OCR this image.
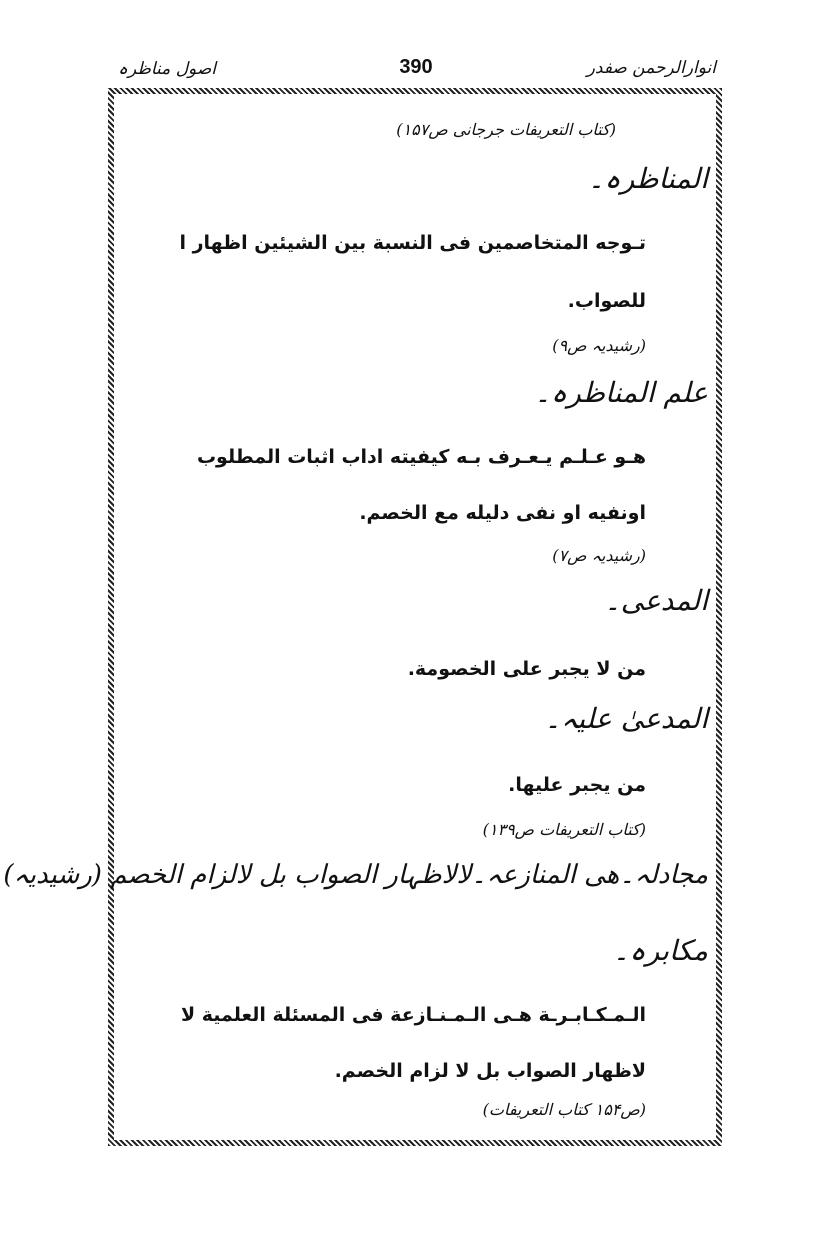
اصول مناظرہ	390	انوارالرحمن صفدر
(کتاب التعریفات جرجانی ص۱۵۷)
المناظرہ۔
تـوجه المتخاصمين فى النسبة بين الشيئين اظهار ا
للصواب.
(رشیدیہ ص۹)
علم المناظرہ۔
هـو عـلـم يـعـرف بـه كيفيته اداب اثبات المطلوب
اونفيه او نفى دليله مع الخصم.
(رشیدیہ ص۷)
المدعی۔
من لا يجبر على الخصومة.
المدعیٰ علیہ۔
من يجبر عليها.
(کتاب التعریفات ص۱۳۹)
مجادلہ۔ھی المنازعہ۔لالاظہار الصواب بل لالزام الخصم (رشیدیہ)
مکابرہ۔
الـمـكـابـرـة هـى الـمـنـازعة فى المسئلة العلمية لا
لاظهار الصواب بل لا لزام الخصم.
(ص۱۵۴ کتاب التعریفات)
